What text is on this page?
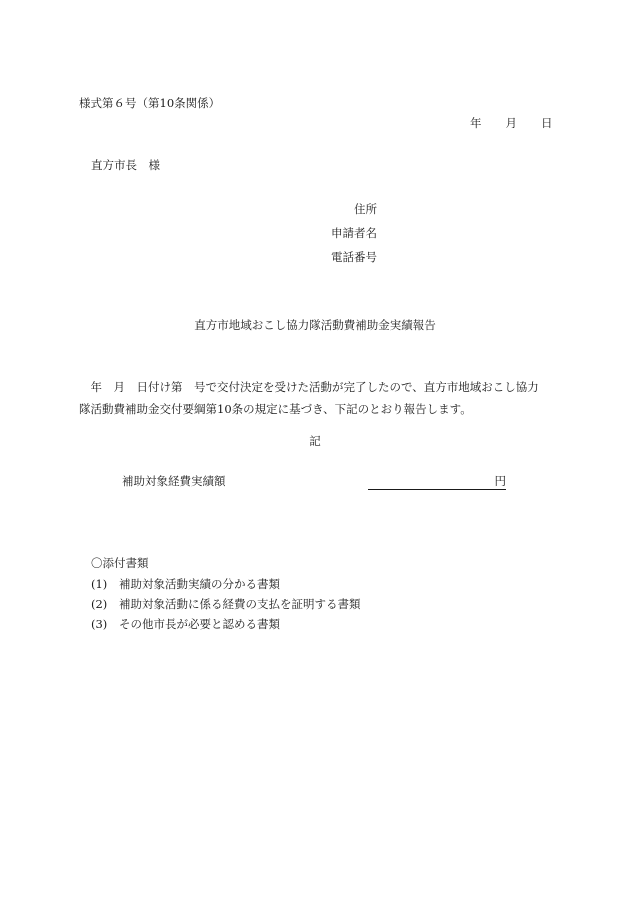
様式第６号（第10条関係）
年 月 日
直方市長　様
住所
申請者名
電話番号
直方市地域おこし協力隊活動費補助金実績報告
　年　月　日付け第　号で交付決定を受けた活動が完了したので、直方市地域おこし協力隊活動費補助金交付要綱第10条の規定に基づき、下記のとおり報告します。
記
補助対象経費実績額	円
〇添付書類
(1) 補助対象活動実績の分かる書類
(2) 補助対象活動に係る経費の支払を証明する書類
(3) その他市長が必要と認める書類
